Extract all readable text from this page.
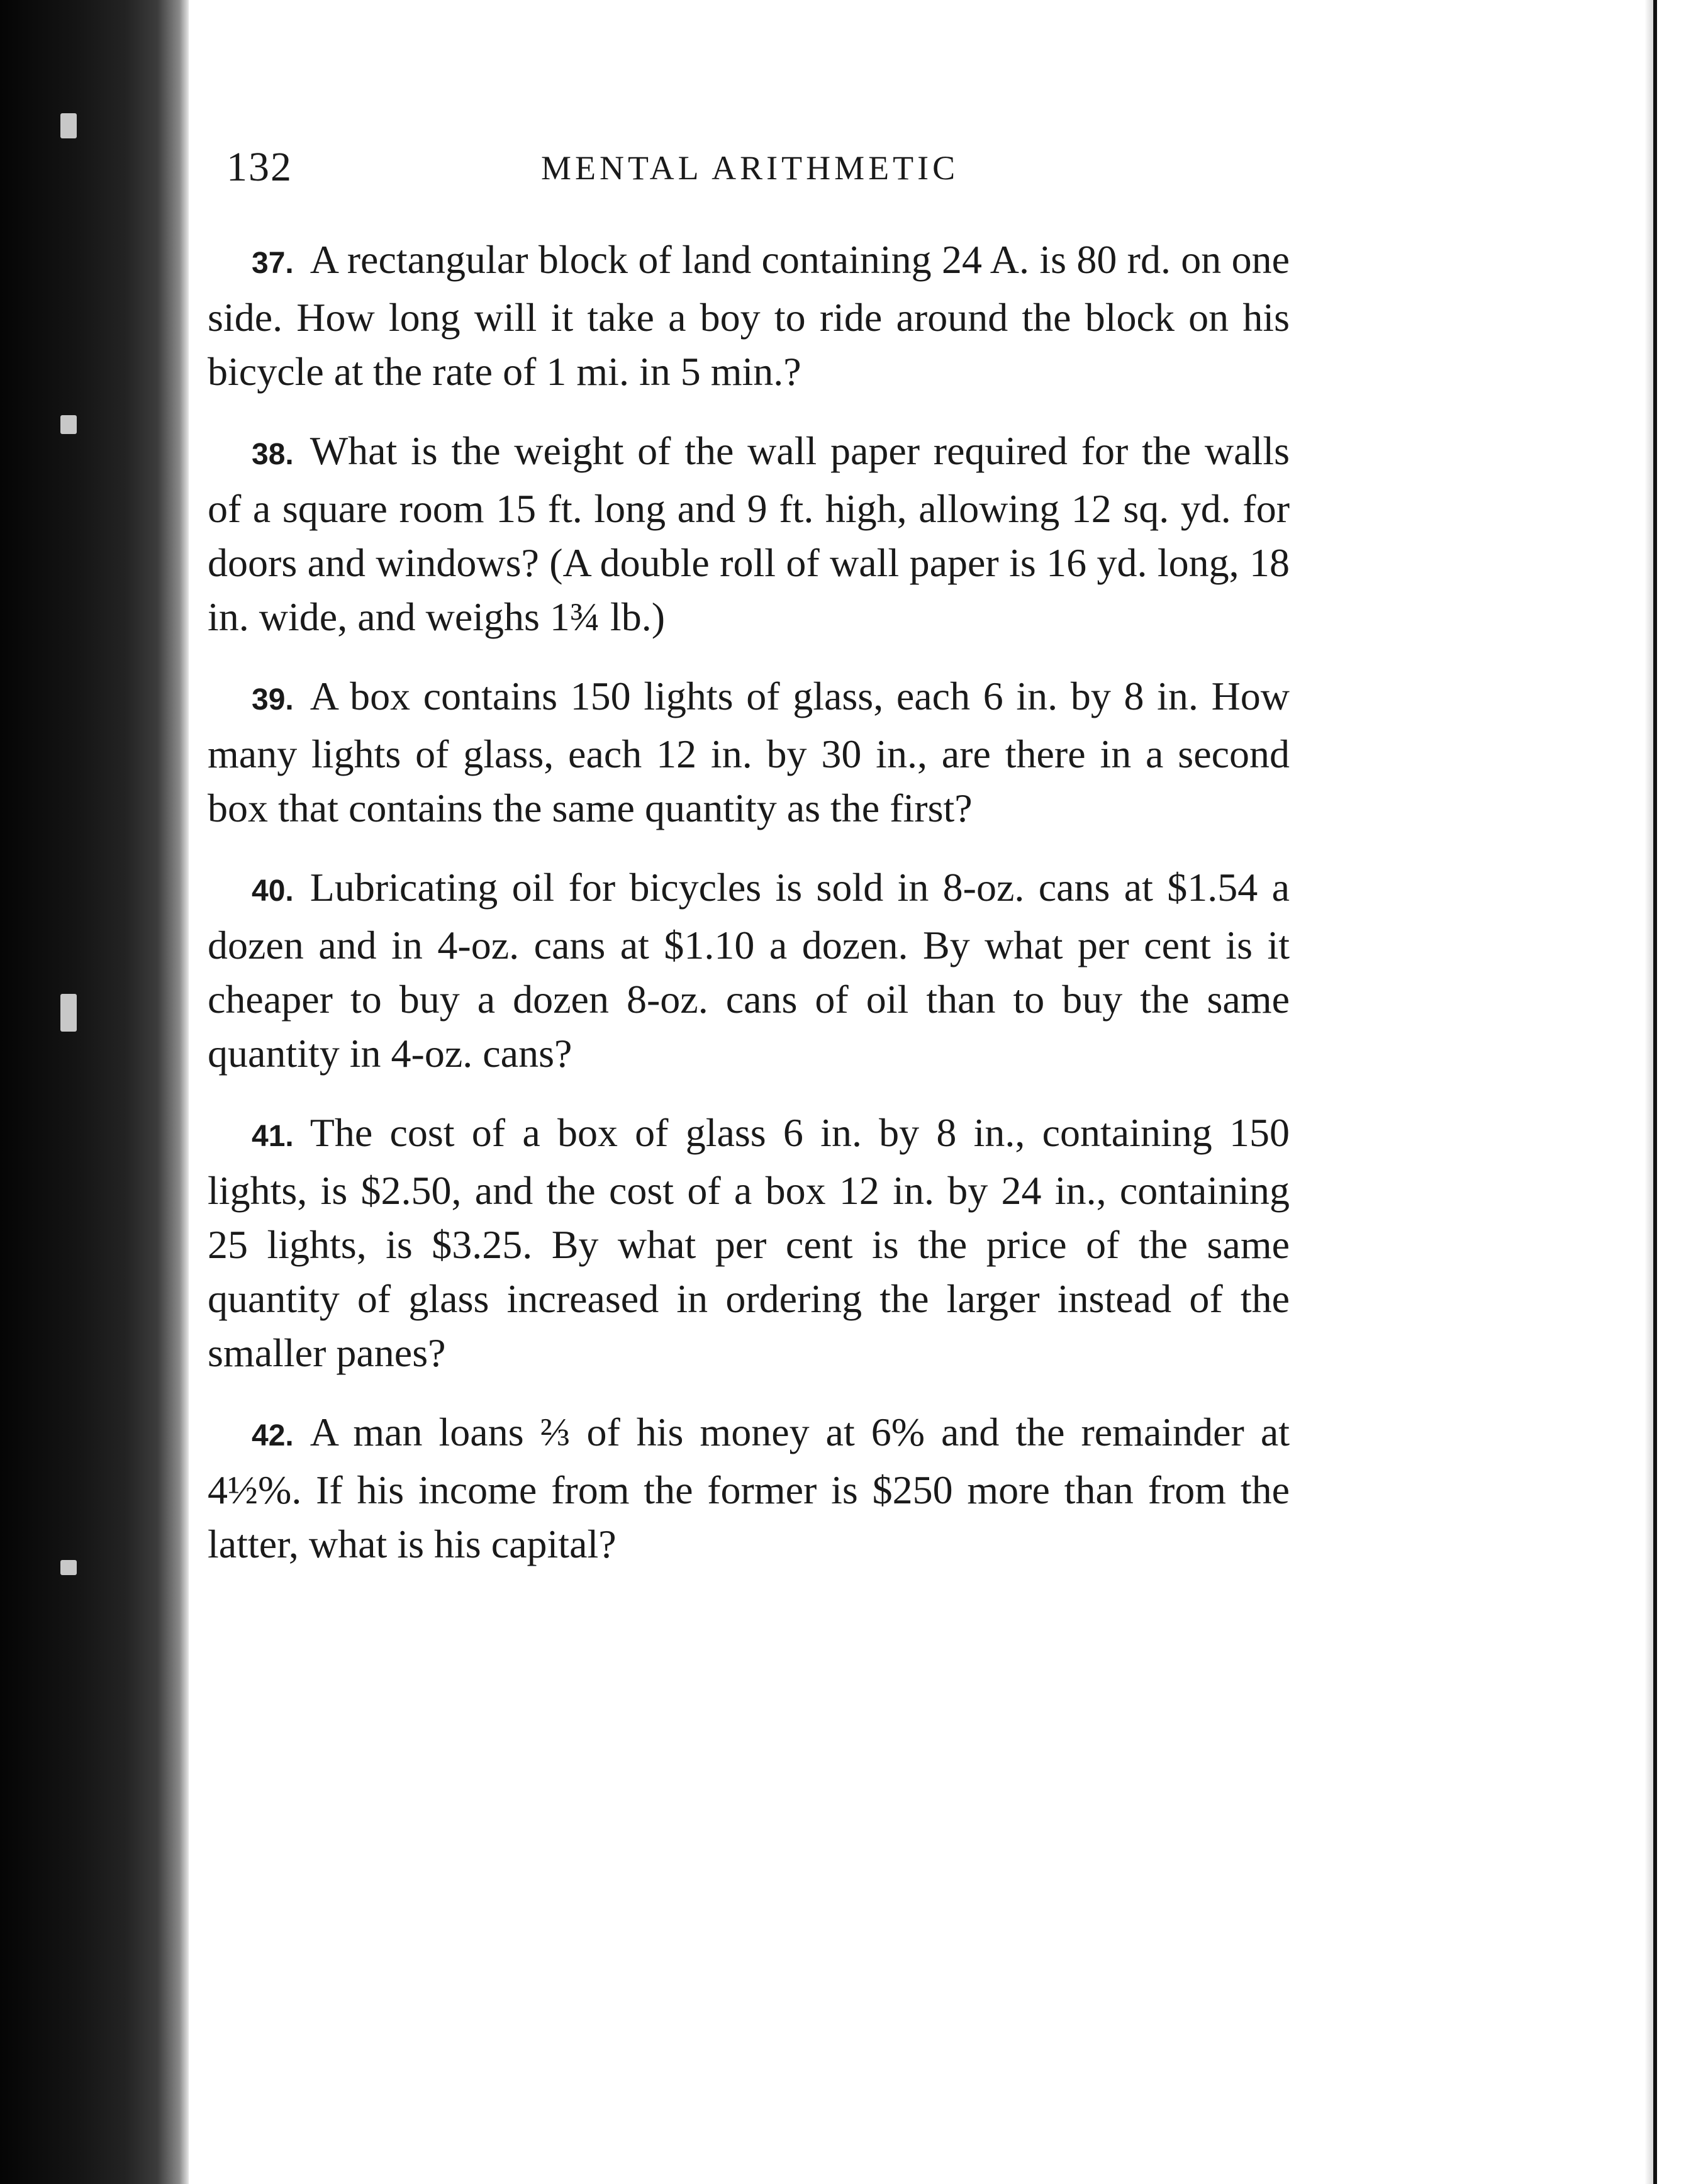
132	MENTAL ARITHMETIC

37. A rectangular block of land containing 24 A. is 80 rd. on one side. How long will it take a boy to ride around the block on his bicycle at the rate of 1 mi. in 5 min.?

38. What is the weight of the wall paper required for the walls of a square room 15 ft. long and 9 ft. high, allowing 12 sq. yd. for doors and windows? (A double roll of wall paper is 16 yd. long, 18 in. wide, and weighs 1¾ lb.)

39. A box contains 150 lights of glass, each 6 in. by 8 in. How many lights of glass, each 12 in. by 30 in., are there in a second box that contains the same quantity as the first?

40. Lubricating oil for bicycles is sold in 8-oz. cans at $1.54 a dozen and in 4-oz. cans at $1.10 a dozen. By what per cent is it cheaper to buy a dozen 8-oz. cans of oil than to buy the same quantity in 4-oz. cans?

41. The cost of a box of glass 6 in. by 8 in., containing 150 lights, is $2.50, and the cost of a box 12 in. by 24 in., containing 25 lights, is $3.25. By what per cent is the price of the same quantity of glass increased in ordering the larger instead of the smaller panes?

42. A man loans ⅔ of his money at 6% and the remainder at 4½%. If his income from the former is $250 more than from the latter, what is his capital?
